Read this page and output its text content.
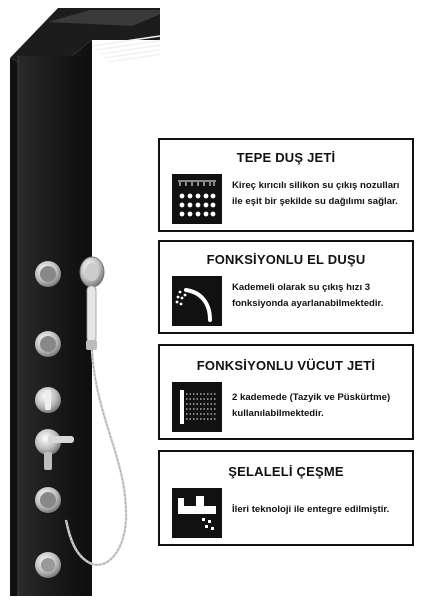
TEPE DUŞ JETİ
Kireç kırıcılı silikon su çıkış nozulları ile eşit bir şekilde su dağılımı sağlar.
FONKSİYONLU EL DUŞU
Kademeli olarak su çıkış hızı 3 fonksiyonda ayarlanabilmektedir.
FONKSİYONLU VÜCUT JETİ
2 kademede (Tazyik ve Püskürtme) kullanılabilmektedir.
ŞELALELİ ÇEŞME
İleri teknoloji ile entegre edilmiştir.
